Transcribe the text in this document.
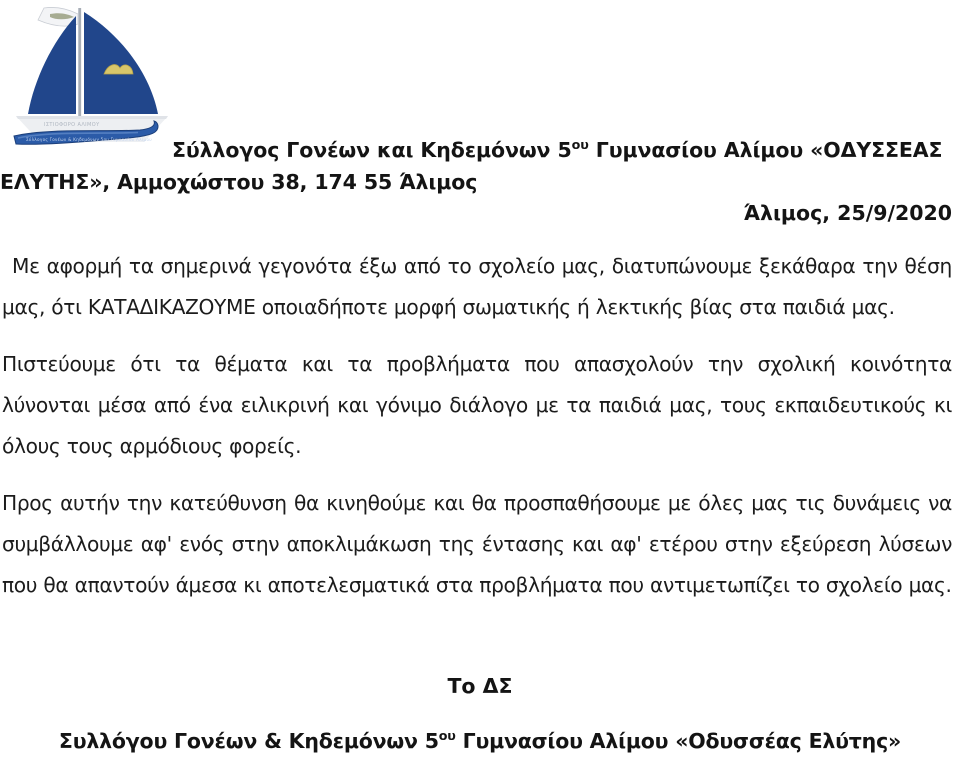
ΙΣΤΙΟΦΟΡΟ ΑΛΙΜΟΥ
Σύλλογος Γονέων & Κηδεμόνων 5ου Γυμνασίου Αλίμου Σύλλογος Γονέων και Κηδεμόνων $5^{o\upsilon}$ Γυμνασίου Αλίμου «ΟΔΥΣΣΕΑΣ ΕΛΥΤΗΣ», Αμμοχώστου 38, 174 55 Άλιμος
Άλιμος, 25/9/2020

Με αφορμή τα σημερινά γεγονότα έξω από το σχολείο μας, διατυπώνουμε ξεκάθαρα την θέση μας, ότι ΚΑΤΑΔΙΚΑΖΟΥΜΕ οποιαδήποτε μορφή σωματικής ή λεκτικής βίας στα παιδιά μας.

Πιστεύουμε ότι τα θέματα και τα προβλήματα που απασχολούν την σχολική κοινότητα λύνονται μέσα από ένα ειλικρινή και γόνιμο διάλογο με τα παιδιά μας, τους εκπαιδευτικούς κι όλους τους αρμόδιους φορείς.

Προς αυτήν την κατεύθυνση θα κινηθούμε και θα προσπαθήσουμε με όλες μας τις δυνάμεις να συμβάλλουμε αφ' ενός στην αποκλιμάκωση της έντασης και αφ' ετέρου στην εξεύρεση λύσεων που θα απαντούν άμεσα κι αποτελεσματικά στα προβλήματα που αντιμετωπίζει το σχολείο μας.

Το ΔΣ
Συλλόγου Γονέων & Κηδεμόνων $5^{o\upsilon}$ Γυμνασίου Αλίμου «Οδυσσέας Ελύτης»
